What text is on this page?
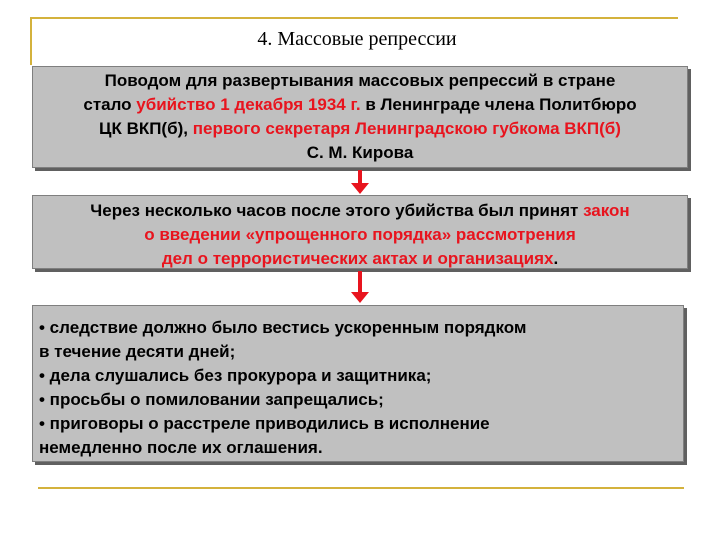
4. Массовые репрессии
Поводом для развертывания массовых репрессий в стране
стало убийство 1 декабря 1934 г. в Ленинграде члена Политбюро
ЦК ВКП(б), первого секретаря Ленинградскою губкома ВКП(б)
С. М. Кирова
Через несколько часов после этого убийства был принят закон
о введении «упрощенного порядка» рассмотрения
дел о террористических актах и организациях.
• следствие должно было вестись ускоренным порядком
в течение десяти дней;
• дела слушались без прокурора и защитника;
• просьбы о помиловании запрещались;
• приговоры о расстреле приводились в исполнение
немедленно после их оглашения.
